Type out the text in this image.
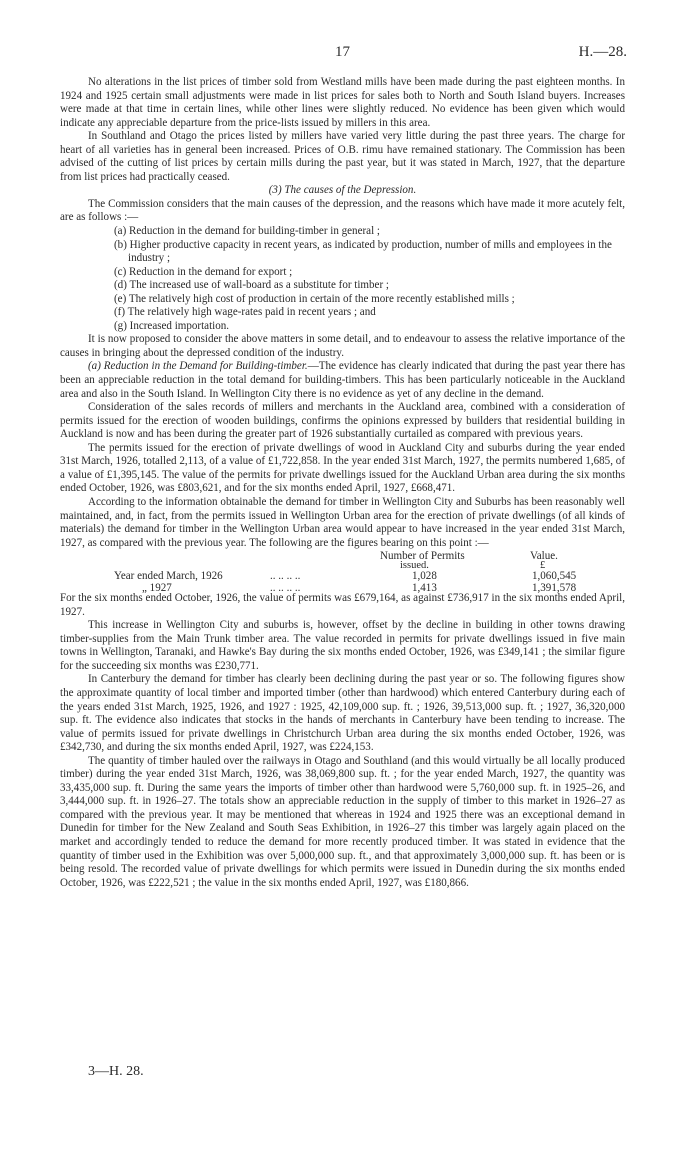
17	H.—28.

No alterations in the list prices of timber sold from Westland mills have been made during the past eighteen months. In 1924 and 1925 certain small adjustments were made in list prices for sales both to North and South Island buyers. Increases were made at that time in certain lines, while other lines were slightly reduced. No evidence has been given which would indicate any appreciable departure from the price-lists issued by millers in this area.

In Southland and Otago the prices listed by millers have varied very little during the past three years. The charge for heart of all varieties has in general been increased. Prices of O.B. rimu have remained stationary. The Commission has been advised of the cutting of list prices by certain mills during the past year, but it was stated in March, 1927, that the departure from list prices had practically ceased.

(3) The causes of the Depression.

The Commission considers that the main causes of the depression, and the reasons which have made it more acutely felt, are as follows :—

(a) Reduction in the demand for building-timber in general ;
(b) Higher productive capacity in recent years, as indicated by production, number of mills and employees in the industry ;
(c) Reduction in the demand for export ;
(d) The increased use of wall-board as a substitute for timber ;
(e) The relatively high cost of production in certain of the more recently established mills ;
(f) The relatively high wage-rates paid in recent years ; and
(g) Increased importation.

It is now proposed to consider the above matters in some detail, and to endeavour to assess the relative importance of the causes in bringing about the depressed condition of the industry.

(a) Reduction in the Demand for Building-timber.—The evidence has clearly indicated that during the past year there has been an appreciable reduction in the total demand for building-timbers. This has been particularly noticeable in the Auckland area and also in the South Island. In Wellington City there is no evidence as yet of any decline in the demand.

Consideration of the sales records of millers and merchants in the Auckland area, combined with a consideration of permits issued for the erection of wooden buildings, confirms the opinions expressed by builders that residential building in Auckland is now and has been during the greater part of 1926 substantially curtailed as compared with previous years.

The permits issued for the erection of private dwellings of wood in Auckland City and suburbs during the year ended 31st March, 1926, totalled 2,113, of a value of £1,722,858. In the year ended 31st March, 1927, the permits numbered 1,685, of a value of £1,395,145. The value of the permits for private dwellings issued for the Auckland Urban area during the six months ended October, 1926, was £803,621, and for the six months ended April, 1927, £668,471.

According to the information obtainable the demand for timber in Wellington City and Suburbs has been reasonably well maintained, and, in fact, from the permits issued in Wellington Urban area for the erection of private dwellings (of all kinds of materials) the demand for timber in the Wellington Urban area would appear to have increased in the year ended 31st March, 1927, as compared with the previous year. The following are the figures bearing on this point :—

Number of Permits
issued.
Value.
£
Year ended March, 1926	.. .. .. ..	1,028	1,060,545
„ 1927	.. .. .. ..	1,413	1,391,578

For the six months ended October, 1926, the value of permits was £679,164, as against £736,917 in the six months ended April, 1927.

This increase in Wellington City and suburbs is, however, offset by the decline in building in other towns drawing timber-supplies from the Main Trunk timber area. The value recorded in permits for private dwellings issued in five main towns in Wellington, Taranaki, and Hawke's Bay during the six months ended October, 1926, was £349,141 ; the similar figure for the succeeding six months was £230,771.

In Canterbury the demand for timber has clearly been declining during the past year or so. The following figures show the approximate quantity of local timber and imported timber (other than hardwood) which entered Canterbury during each of the years ended 31st March, 1925, 1926, and 1927 : 1925, 42,109,000 sup. ft. ; 1926, 39,513,000 sup. ft. ; 1927, 36,320,000 sup. ft. The evidence also indicates that stocks in the hands of merchants in Canterbury have been tending to increase. The value of permits issued for private dwellings in Christchurch Urban area during the six months ended October, 1926, was £342,730, and during the six months ended April, 1927, was £224,153.

The quantity of timber hauled over the railways in Otago and Southland (and this would virtually be all locally produced timber) during the year ended 31st March, 1926, was 38,069,800 sup. ft. ; for the year ended March, 1927, the quantity was 33,435,000 sup. ft. During the same years the imports of timber other than hardwood were 5,760,000 sup. ft. in 1925–26, and 3,444,000 sup. ft. in 1926–27. The totals show an appreciable reduction in the supply of timber to this market in 1926–27 as compared with the previous year. It may be mentioned that whereas in 1924 and 1925 there was an exceptional demand in Dunedin for timber for the New Zealand and South Seas Exhibition, in 1926–27 this timber was largely again placed on the market and accordingly tended to reduce the demand for more recently produced timber. It was stated in evidence that the quantity of timber used in the Exhibition was over 5,000,000 sup. ft., and that approximately 3,000,000 sup. ft. has been or is being resold. The recorded value of private dwellings for which permits were issued in Dunedin during the six months ended October, 1926, was £222,521 ; the value in the six months ended April, 1927, was £180,866.

3—H. 28.
